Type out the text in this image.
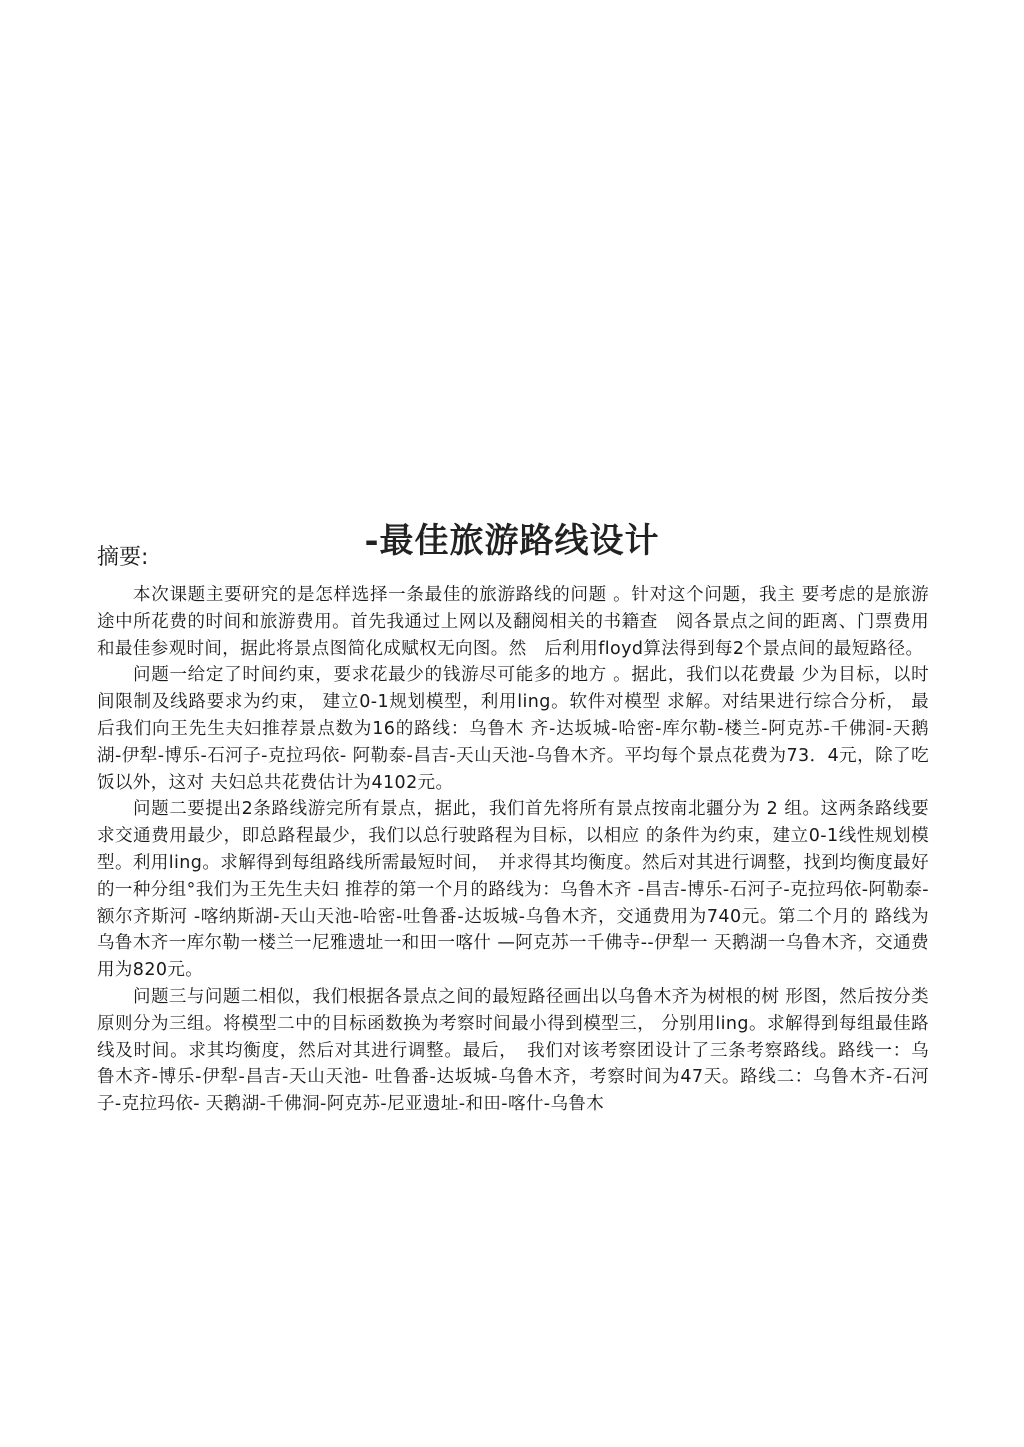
-最佳旅游路线设计
摘要:

本次课题主要研究的是怎样选择一条最佳的旅游路线的问题 。针对这个问题，我主 要考虑的是旅游途中所花费的时间和旅游费用。首先我通过上网以及翻阅相关的书籍查　阅各景点之间的距离、门票费用和最佳参观时间，据此将景点图简化成赋权无向图。然　后利用floyd算法得到每2个景点间的最短路径。

问题一给定了时间约束，要求花最少的钱游尽可能多的地方 。据此，我们以花费最 少为目标，以时间限制及线路要求为约束， 建立0-1规划模型，利用ling。软件对模型 求解。对结果进行综合分析， 最后我们向王先生夫妇推荐景点数为16的路线：乌鲁木 齐-达坂城-哈密-库尔勒-楼兰-阿克苏-千佛洞-天鹅湖-伊犁-博乐-石河子-克拉玛依- 阿勒泰-昌吉-天山天池-乌鲁木齐。平均每个景点花费为73．4元，除了吃饭以外，这对 夫妇总共花费估计为4102元。

问题二要提出2条路线游完所有景点，据此，我们首先将所有景点按南北疆分为 2 组。这两条路线要求交通费用最少，即总路程最少，我们以总行驶路程为目标，以相应 的条件为约束，建立0-1线性规划模型。利用ling。求解得到每组路线所需最短时间，　并求得其均衡度。然后对其进行调整，找到均衡度最好的一种分组°我们为王先生夫妇 推荐的第一个月的路线为：乌鲁木齐 -昌吉-博乐-石河子-克拉玛依-阿勒泰-额尔齐斯河 -喀纳斯湖-天山天池-哈密-吐鲁番-达坂城-乌鲁木齐，交通费用为740元。第二个月的 路线为乌鲁木齐一库尔勒一楼兰一尼雅遗址一和田一喀什 —阿克苏一千佛寺--伊犁一 天鹅湖一乌鲁木齐，交通费用为820元。

问题三与问题二相似，我们根据各景点之间的最短路径画出以乌鲁木齐为树根的树 形图，然后按分类原则分为三组。将模型二中的目标函数换为考察时间最小得到模型三， 分别用ling。求解得到每组最佳路线及时间。求其均衡度，然后对其进行调整。最后，　我们对该考察团设计了三条考察路线。路线一：乌鲁木齐-博乐-伊犁-昌吉-天山天池- 吐鲁番-达坂城-乌鲁木齐，考察时间为47天。路线二：乌鲁木齐-石河子-克拉玛依- 天鹅湖-千佛洞-阿克苏-尼亚遗址-和田-喀什-乌鲁木
